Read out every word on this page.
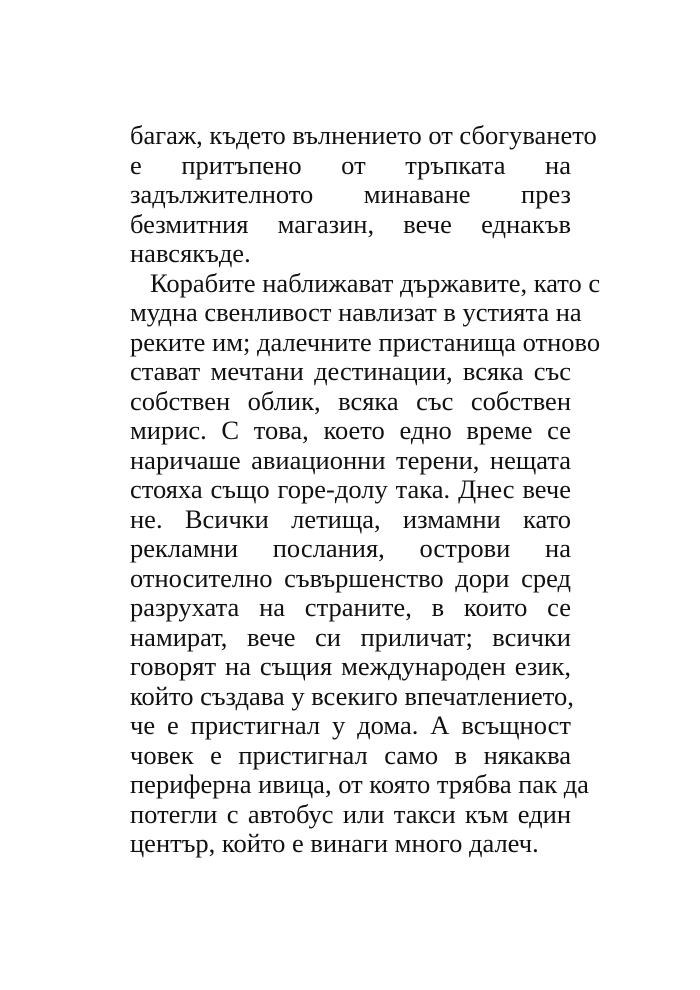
багаж, където вълнението от сбогуването
е притъпено от тръпката на
задължителното минаване през
безмитния магазин, вече еднакъв
навсякъде.
Корабите наближават държавите, като с
мудна свенливост навлизат в устията на
реките им; далечните пристанища отново
стават мечтани дестинации, всяка със
собствен облик, всяка със собствен
мирис. С това, което едно време се
наричаше авиационни терени, нещата
стояха също горе-долу така. Днес вече
не. Всички летища, измамни като
рекламни послания, острови на
относително съвършенство дори сред
разрухата на страните, в които се
намират, вече си приличат; всички
говорят на същия международен език,
който създава у всекиго впечатлението,
че е пристигнал у дома. А всъщност
човек е пристигнал само в някаква
периферна ивица, от която трябва пак да
потегли с автобус или такси към един
център, който е винаги много далеч.
